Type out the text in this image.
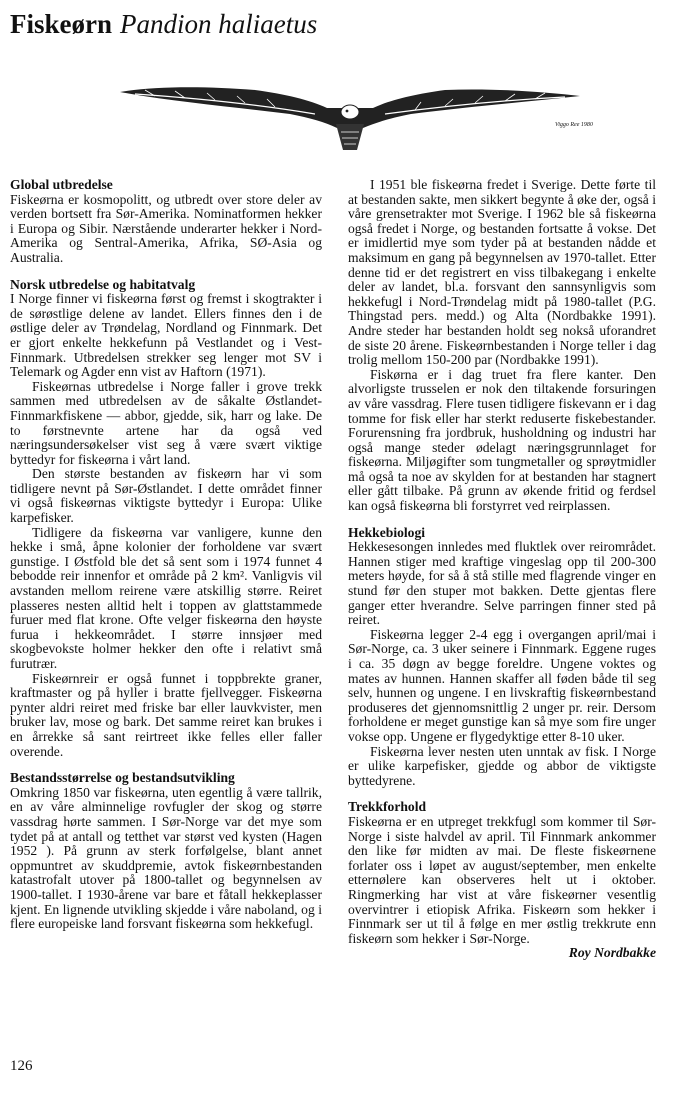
Fiskeørn Pandion haliaetus
Viggo Ree 1980
Global utbredelse

Fiskeørna er kosmopolitt, og utbredt over store deler av verden bortsett fra Sør-Amerika. Nominatformen hekker i Europa og Sibir. Nærstående underarter hekker i Nord-Amerika og Sentral-Amerika, Afrika, SØ-Asia og Australia.

Norsk utbredelse og habitatvalg

I Norge finner vi fiskeørna først og fremst i skogtrakter i de sørøstlige delene av landet. Ellers finnes den i de østlige deler av Trøndelag, Nordland og Finnmark. Det er gjort enkelte hekkefunn på Vestlandet og i Vest-Finnmark. Utbredelsen strekker seg lenger mot SV i Telemark og Agder enn vist av Haftorn (1971).

Fiskeørnas utbredelse i Norge faller i grove trekk sammen med utbredelsen av de såkalte Østlandet-Finnmarkfiskene — abbor, gjedde, sik, harr og lake. De to førstnevnte artene har da også ved næringsundersøkelser vist seg å være svært viktige byttedyr for fiskeørna i vårt land.

Den største bestanden av fiskeørn har vi som tidligere nevnt på Sør-Østlandet. I dette området finner vi også fiskeørnas viktigste byttedyr i Europa: Ulike karpefisker.

Tidligere da fiskeørna var vanligere, kunne den hekke i små, åpne kolonier der forholdene var svært gunstige. I Østfold ble det så sent som i 1974 funnet 4 bebodde reir innenfor et område på 2 km². Vanligvis vil avstanden mellom reirene være atskillig større. Reiret plasseres nesten alltid helt i toppen av glattstammede furuer med flat krone. Ofte velger fiskeørna den høyste furua i hekkeområdet. I større innsjøer med skogbevokste holmer hekker den ofte i relativt små furutrær.

Fiskeørnreir er også funnet i toppbrekte graner, kraftmaster og på hyller i bratte fjellvegger. Fiskeørna pynter aldri reiret med friske bar eller lauvkvister, men bruker lav, mose og bark. Det samme reiret kan brukes i en årrekke så sant reirtreet ikke felles eller faller overende.

Bestandsstørrelse og bestandsutvikling

Omkring 1850 var fiskeørna, uten egentlig å være tallrik, en av våre alminnelige rovfugler der skog og større vassdrag hørte sammen. I Sør-Norge var det mye som tydet på at antall og tetthet var størst ved kysten (Hagen 1952 ). På grunn av sterk forfølgelse, blant annet oppmuntret av skuddpremie, avtok fiskeørnbestanden katastrofalt utover på 1800-tallet og begynnelsen av 1900-tallet. I 1930-årene var bare et fåtall hekkeplasser kjent. En lignende utvikling skjedde i våre naboland, og i flere europeiske land forsvant fiskeørna som hekkefugl.

I 1951 ble fiskeørna fredet i Sverige. Dette førte til at bestanden sakte, men sikkert begynte å øke der, også i våre grensetrakter mot Sverige. I 1962 ble så fiskeørna også fredet i Norge, og bestanden fortsatte å vokse. Det er imidlertid mye som tyder på at bestanden nådde et maksimum en gang på begynnelsen av 1970-tallet. Etter denne tid er det registrert en viss tilbakegang i enkelte deler av landet, bl.a. forsvant den sannsynligvis som hekkefugl i Nord-Trøndelag midt på 1980-tallet (P.G. Thingstad pers. medd.) og Alta (Nordbakke 1991). Andre steder har bestanden holdt seg nokså uforandret de siste 20 årene. Fiskeørnbestanden i Norge teller i dag trolig mellom 150-200 par (Nordbakke 1991).

Fiskørna er i dag truet fra flere kanter. Den alvorligste trusselen er nok den tiltakende forsuringen av våre vassdrag. Flere tusen tidligere fiskevann er i dag tomme for fisk eller har sterkt reduserte fiskebestander. Forurensning fra jordbruk, husholdning og industri har også mange steder ødelagt næringsgrunnlaget for fiskeørna. Miljøgifter som tungmetaller og sprøytmidler må også ta noe av skylden for at bestanden har stagnert eller gått tilbake. På grunn av økende fritid og ferdsel kan også fiskeørna bli forstyrret ved reirplassen.

Hekkebiologi

Hekkesesongen innledes med fluktlek over reirområdet. Hannen stiger med kraftige vingeslag opp til 200-300 meters høyde, for så å stå stille med flagrende vinger en stund før den stuper mot bakken. Dette gjentas flere ganger etter hverandre. Selve parringen finner sted på reiret.

Fiskeørna legger 2-4 egg i overgangen april/mai i Sør-Norge, ca. 3 uker seinere i Finnmark. Eggene ruges i ca. 35 døgn av begge foreldre. Ungene voktes og mates av hunnen. Hannen skaffer all føden både til seg selv, hunnen og ungene. I en livskraftig fiskeørnbestand produseres det gjennomsnittlig 2 unger pr. reir. Dersom forholdene er meget gunstige kan så mye som fire unger vokse opp. Ungene er flygedyktige etter 8-10 uker.

Fiskeørna lever nesten uten unntak av fisk. I Norge er ulike karpefisker, gjedde og abbor de viktigste byttedyrene.

Trekkforhold

Fiskeørna er en utpreget trekkfugl som kommer til Sør-Norge i siste halvdel av april. Til Finnmark ankommer den like før midten av mai. De fleste fiskeørnene forlater oss i løpet av august/september, men enkelte etternølere kan observeres helt ut i oktober. Ringmerking har vist at våre fiskeørner vesentlig overvintrer i etiopisk Afrika. Fiskeørn som hekker i Finnmark ser ut til å følge en mer østlig trekkrute enn fiskeørn som hekker i Sør-Norge.

Roy Nordbakke

126
